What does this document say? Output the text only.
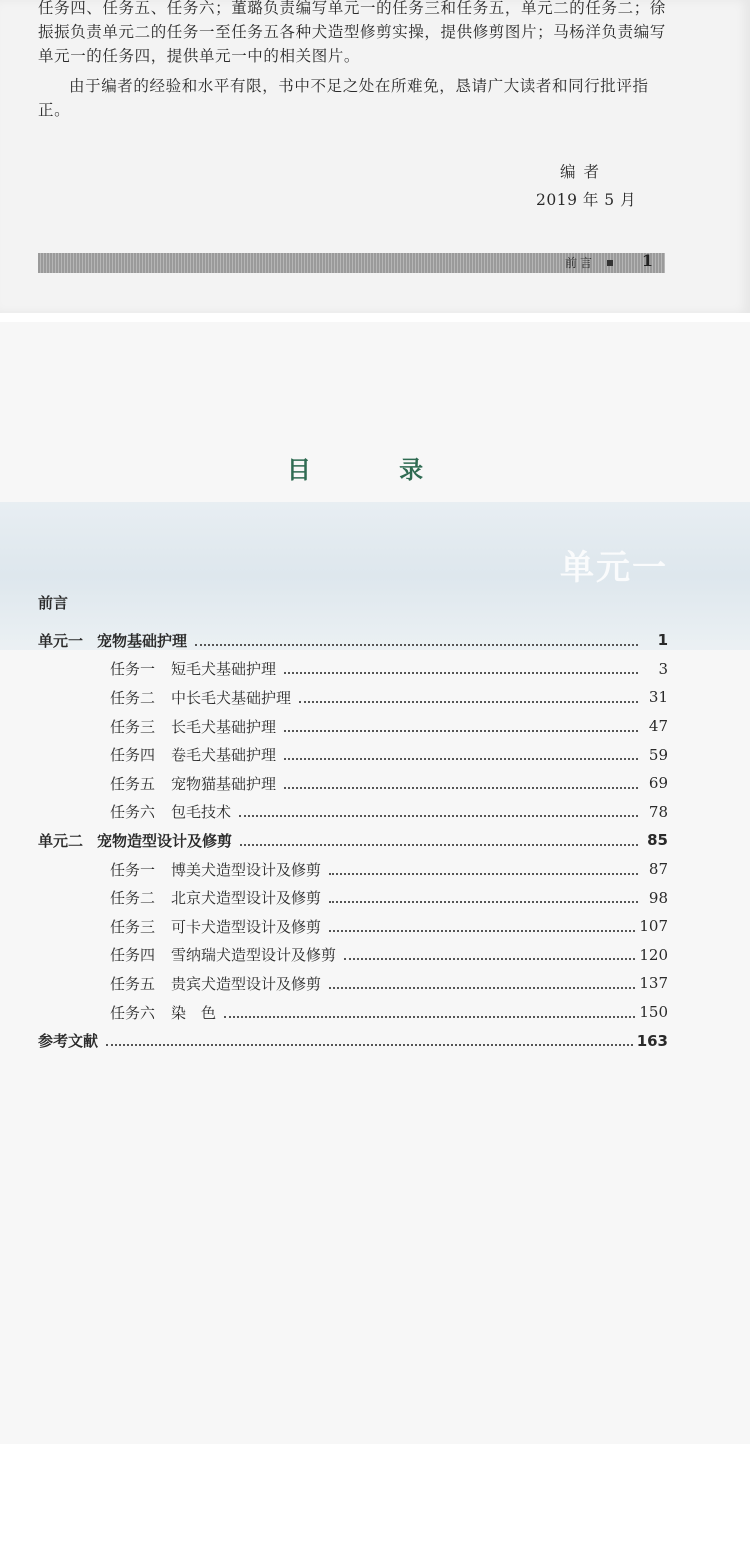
任务四、任务五、任务六；董璐负责编写单元一的任务三和任务五，单元二的任务二；徐振振负责单元二的任务一至任务五各种犬造型修剪实操，提供修剪图片；马杨洋负责编写单元一的任务四，提供单元一中的相关图片。

由于编者的经验和水平有限，书中不足之处在所难免，恳请广大读者和同行批评指正。

编者
2019 年 5 月
前言	1
单元一
目 录
前言
单元一 宠物基础护理	1
任务一 短毛犬基础护理	3
任务二 中长毛犬基础护理	31
任务三 长毛犬基础护理	47
任务四 卷毛犬基础护理	59
任务五 宠物猫基础护理	69
任务六 包毛技术	78
单元二 宠物造型设计及修剪	85
任务一 博美犬造型设计及修剪	87
任务二 北京犬造型设计及修剪	98
任务三 可卡犬造型设计及修剪	107
任务四 雪纳瑞犬造型设计及修剪	120
任务五 贵宾犬造型设计及修剪	137
任务六 染　色	150
参考文献	163
